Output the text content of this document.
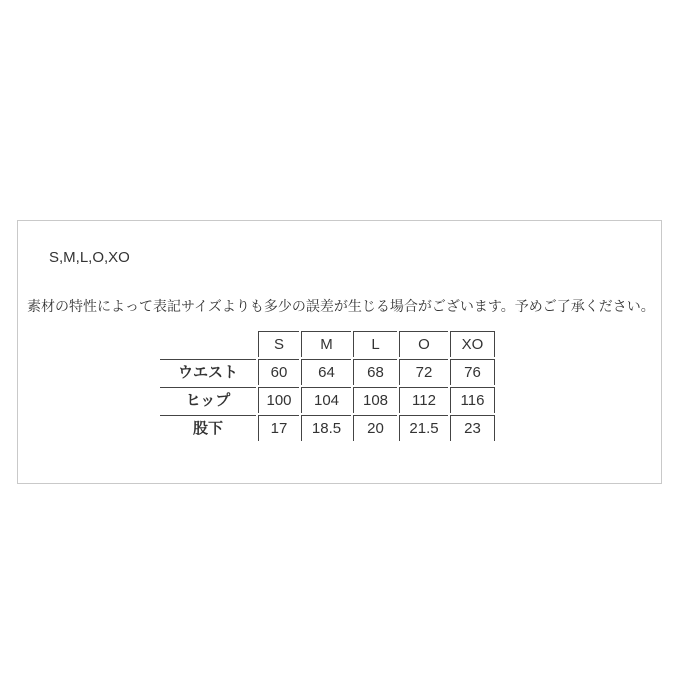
S,M,L,O,XO
素材の特性によって表記サイズよりも多少の誤差が生じる場合がございます。予めご了承ください。
	S	M	L	O	XO
ウエスト	60	64	68	72	76
ヒップ	100	104	108	112	116
股下	17	18.5	20	21.5	23
